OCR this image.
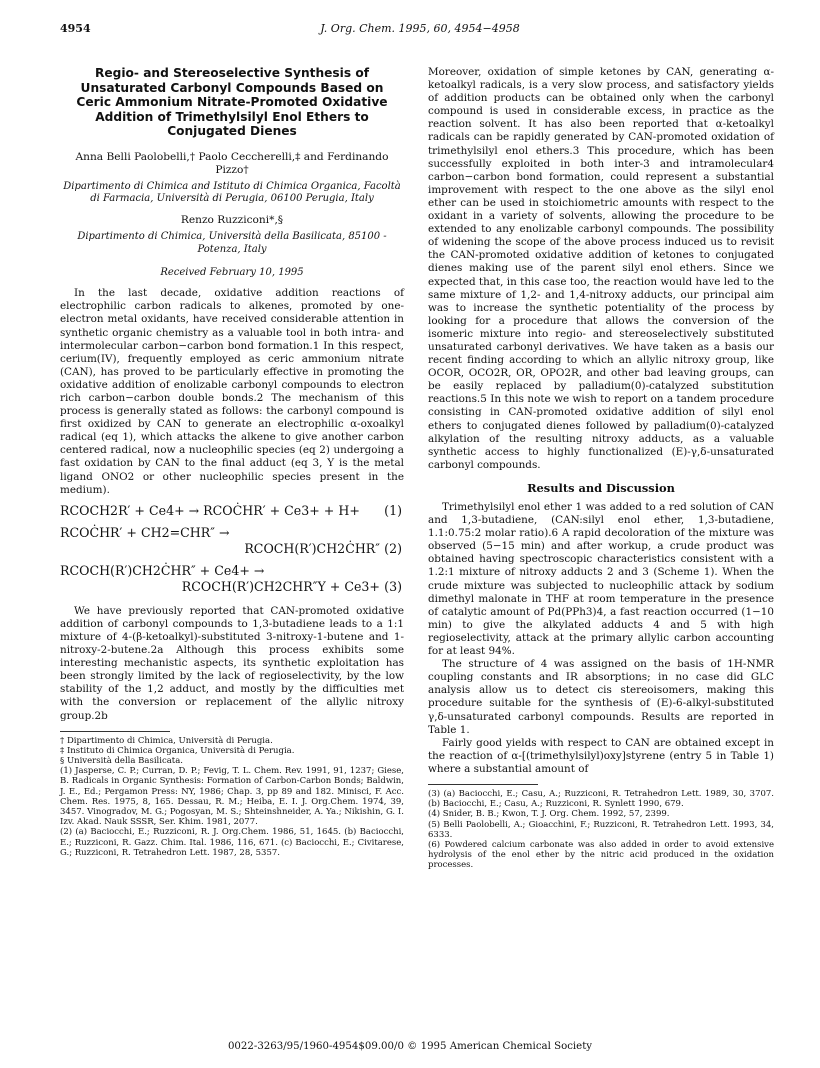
J. Org. Chem. 1995, 60, 4954−4958
4954
Regio- and Stereoselective Synthesis of Unsaturated Carbonyl Compounds Based on Ceric Ammonium Nitrate-Promoted Oxidative Addition of Trimethylsilyl Enol Ethers to Conjugated Dienes
Anna Belli Paolobelli,† Paolo Ceccherelli,‡ and Ferdinando Pizzo†
Dipartimento di Chimica and Istituto di Chimica Organica, Facoltà di Farmacia, Università di Perugia, 06100 Perugia, Italy
Renzo Ruzziconi*,§
Dipartimento di Chimica, Università della Basilicata, 85100 - Potenza, Italy
Received February 10, 1995

In the last decade, oxidative addition reactions of electrophilic carbon radicals to alkenes, promoted by one-electron metal oxidants, have received considerable attention in synthetic organic chemistry as a valuable tool in both intra- and intermolecular carbon−carbon bond formation.1 In this respect, cerium(IV), frequently employed as ceric ammonium nitrate (CAN), has proved to be particularly effective in promoting the oxidative addition of enolizable carbonyl compounds to electron rich carbon−carbon double bonds.2 The mechanism of this process is generally stated as follows: the carbonyl compound is first oxidized by CAN to generate an electrophilic α-oxoalkyl radical (eq 1), which attacks the alkene to give another carbon centered radical, now a nucleophilic species (eq 2) undergoing a fast oxidation by CAN to the final adduct (eq 3, Y is the metal ligand ONO2 or other nucleophilic species present in the medium).

RCOCH2R′ + Ce4+ → RCOĊHR′ + Ce3+ + H+ (1)
RCOĊHR′ + CH2=CHR″ →
RCOCH(R′)CH2ĊHR″ (2)
RCOCH(R′)CH2ĊHR″ + Ce4+ →
RCOCH(R′)CH2CHR″Y + Ce3+ (3)

We have previously reported that CAN-promoted oxidative addition of carbonyl compounds to 1,3-butadiene leads to a 1:1 mixture of 4-(β-ketoalkyl)-substituted 3-nitroxy-1-butene and 1-nitroxy-2-butene.2a Although this process exhibits some interesting mechanistic aspects, its synthetic exploitation has been strongly limited by the lack of regioselectivity, by the low stability of the 1,2 adduct, and mostly by the difficulties met with the conversion or replacement of the allylic nitroxy group.2b

† Dipartimento di Chimica, Università di Perugia.
‡ Instituto di Chimica Organica, Università di Perugia.
§ Università della Basilicata.
(1) Jasperse, C. P.; Curran, D. P.; Fevig, T. L. Chem. Rev. 1991, 91, 1237; Giese, B. Radicals in Organic Synthesis: Formation of Carbon-Carbon Bonds; Baldwin, J. E., Ed.; Pergamon Press: NY, 1986; Chap. 3, pp 89 and 182. Minisci, F. Acc. Chem. Res. 1975, 8, 165. Dessau, R. M.; Heiba, E. I. J. Org.Chem. 1974, 39, 3457. Vinogradov, M. G.; Pogosyan, M. S.; Shteinshneider, A. Ya.; Nikishin, G. I. Izv. Akad. Nauk SSSR, Ser. Khim. 1981, 2077.
(2) (a) Baciocchi, E.; Ruzziconi, R. J. Org.Chem. 1986, 51, 1645. (b) Baciocchi, E.; Ruzziconi, R. Gazz. Chim. Ital. 1986, 116, 671. (c) Baciocchi, E.; Civitarese, G.; Ruzziconi, R. Tetrahedron Lett. 1987, 28, 5357.

Moreover, oxidation of simple ketones by CAN, generating α-ketoalkyl radicals, is a very slow process, and satisfactory yields of addition products can be obtained only when the carbonyl compound is used in considerable excess, in practice as the reaction solvent. It has also been reported that α-ketoalkyl radicals can be rapidly generated by CAN-promoted oxidation of trimethylsilyl enol ethers.3 This procedure, which has been successfully exploited in both inter-3 and intramolecular4 carbon−carbon bond formation, could represent a substantial improvement with respect to the one above as the silyl enol ether can be used in stoichiometric amounts with respect to the oxidant in a variety of solvents, allowing the procedure to be extended to any enolizable carbonyl compounds. The possibility of widening the scope of the above process induced us to revisit the CAN-promoted oxidative addition of ketones to conjugated dienes making use of the parent silyl enol ethers. Since we expected that, in this case too, the reaction would have led to the same mixture of 1,2- and 1,4-nitroxy adducts, our principal aim was to increase the synthetic potentiality of the process by looking for a procedure that allows the conversion of the isomeric mixture into regio- and stereoselectively substituted unsaturated carbonyl derivatives. We have taken as a basis our recent finding according to which an allylic nitroxy group, like OCOR, OCO2R, OR, OPO2R, and other bad leaving groups, can be easily replaced by palladium(0)-catalyzed substitution reactions.5 In this note we wish to report on a tandem procedure consisting in CAN-promoted oxidative addition of silyl enol ethers to conjugated dienes followed by palladium(0)-catalyzed alkylation of the resulting nitroxy adducts, as a valuable synthetic access to highly functionalized (E)-γ,δ-unsaturated carbonyl compounds.

Results and Discussion

Trimethylsilyl enol ether 1 was added to a red solution of CAN and 1,3-butadiene, (CAN:silyl enol ether, 1,3-butadiene, 1.1:0.75:2 molar ratio).6 A rapid decoloration of the mixture was observed (5−15 min) and after workup, a crude product was obtained having spectroscopic characteristics consistent with a 1.2:1 mixture of nitroxy adducts 2 and 3 (Scheme 1). When the crude mixture was subjected to nucleophilic attack by sodium dimethyl malonate in THF at room temperature in the presence of catalytic amount of Pd(PPh3)4, a fast reaction occurred (1−10 min) to give the alkylated adducts 4 and 5 with high regioselectivity, attack at the primary allylic carbon accounting for at least 94%.

The structure of 4 was assigned on the basis of 1H-NMR coupling constants and IR absorptions; in no case did GLC analysis allow us to detect cis stereoisomers, making this procedure suitable for the synthesis of (E)-6-alkyl-substituted γ,δ-unsaturated carbonyl compounds. Results are reported in Table 1.

Fairly good yields with respect to CAN are obtained except in the reaction of α-[(trimethylsilyl)oxy]styrene (entry 5 in Table 1) where a substantial amount of

(3) (a) Baciocchi, E.; Casu, A.; Ruzziconi, R. Tetrahedron Lett. 1989, 30, 3707. (b) Baciocchi, E.; Casu, A.; Ruzziconi, R. Synlett 1990, 679.
(4) Snider, B. B.; Kwon, T. J. Org. Chem. 1992, 57, 2399.
(5) Belli Paolobelli, A.; Gioacchini, F.; Ruzziconi, R. Tetrahedron Lett. 1993, 34, 6333.
(6) Powdered calcium carbonate was also added in order to avoid extensive hydrolysis of the enol ether by the nitric acid produced in the oxidation processes.
0022-3263/95/1960-4954$09.00/0 © 1995 American Chemical Society
